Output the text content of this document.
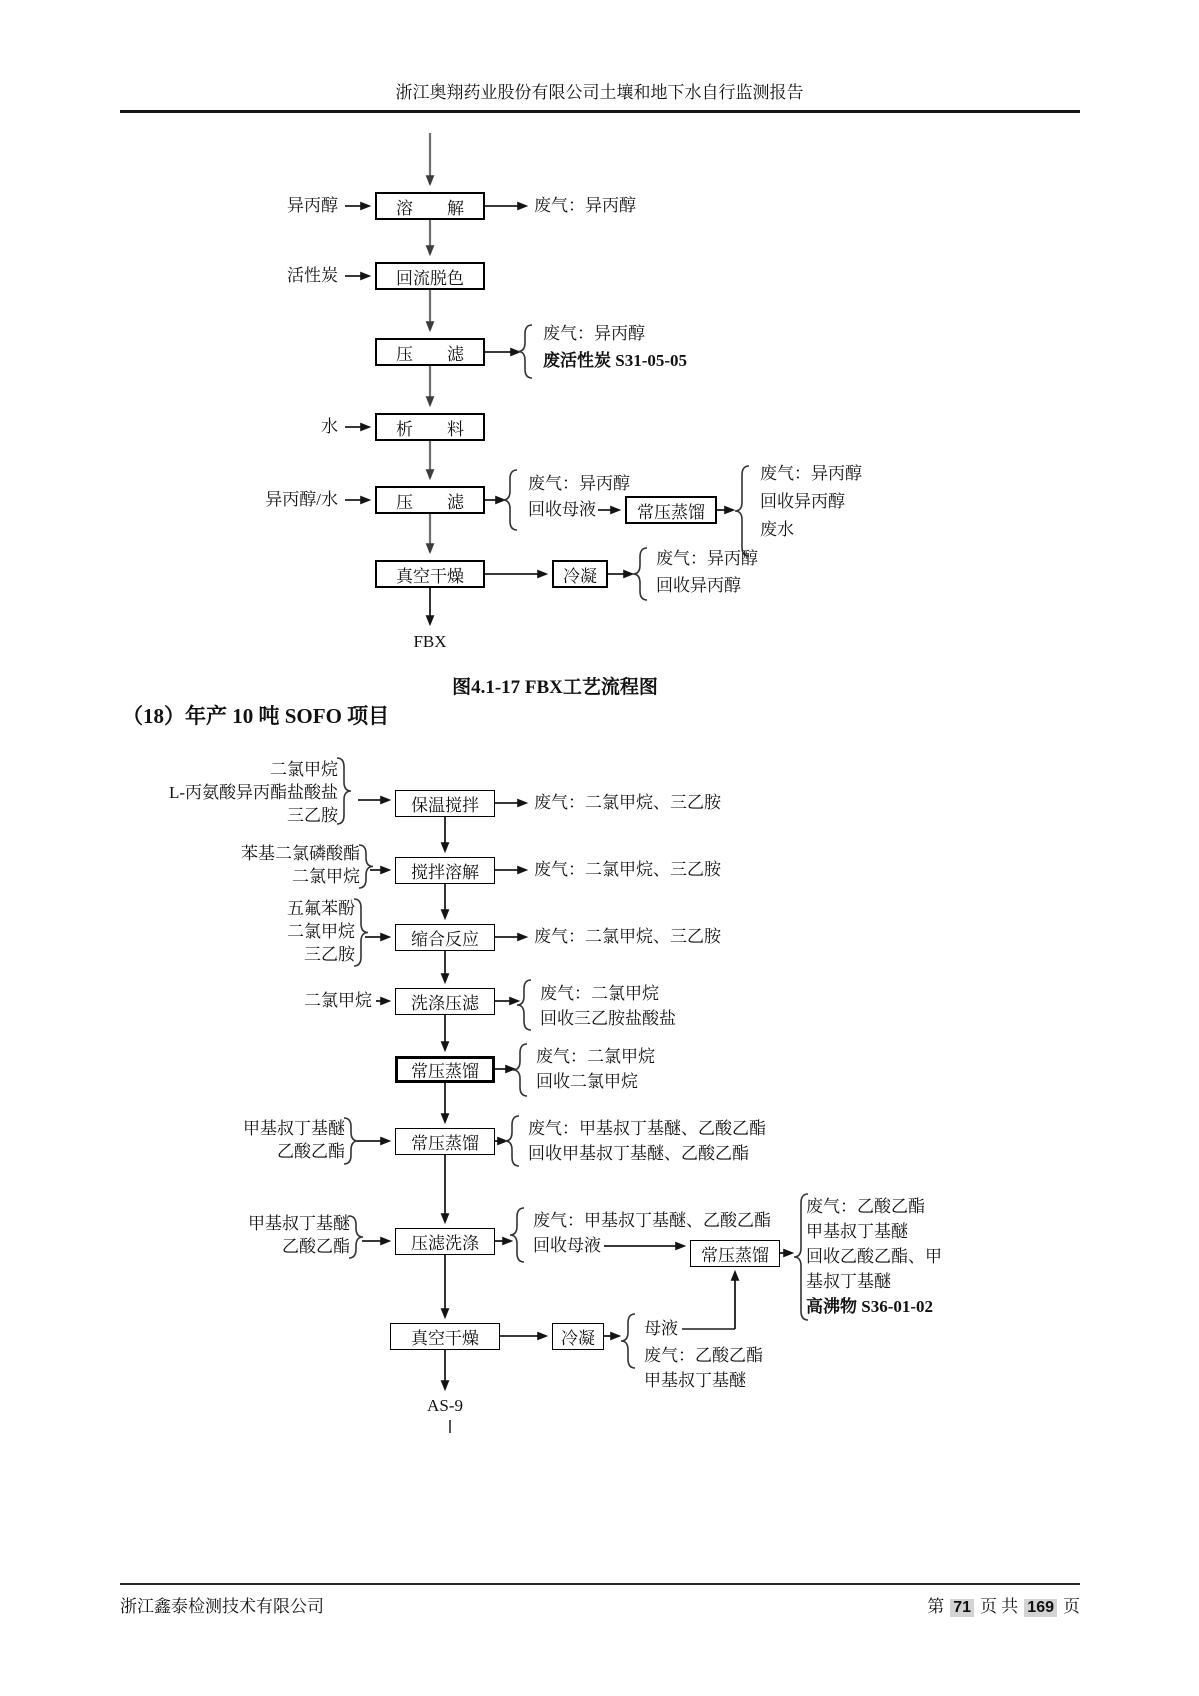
浙江奥翔药业股份有限公司土壤和地下水自行监测报告
浙江鑫泰检测技术有限公司	第 71 页 共 169 页
溶　　解
回流脱色
压　　滤
析　　料
压　　滤
常压蒸馏
真空干燥	冷凝
异丙醇
活性炭
水
异丙醇/水
废气：异丙醇
废气：异丙醇
废活性炭 S31-05-05
废气：异丙醇
回收母液
废气：异丙醇
回收异丙醇
废水
废气：异丙醇
回收异丙醇
FBX
图4.1-17 FBX工艺流程图
（18）年产 10 吨 SOFO 项目
保温搅拌
搅拌溶解
缩合反应
洗涤压滤
常压蒸馏
常压蒸馏
压滤洗涤
常压蒸馏
真空干燥	冷凝
二氯甲烷
L-丙氨酸异丙酯盐酸盐
三乙胺
苯基二氯磷酸酯
二氯甲烷
五氟苯酚
二氯甲烷
三乙胺
二氯甲烷
甲基叔丁基醚
乙酸乙酯
甲基叔丁基醚
乙酸乙酯
废气：二氯甲烷、三乙胺
废气：二氯甲烷、三乙胺
废气：二氯甲烷、三乙胺
废气：二氯甲烷
回收三乙胺盐酸盐
废气：二氯甲烷
回收二氯甲烷
废气：甲基叔丁基醚、乙酸乙酯
回收甲基叔丁基醚、乙酸乙酯
废气：甲基叔丁基醚、乙酸乙酯
回收母液
废气：乙酸乙酯
甲基叔丁基醚
回收乙酸乙酯、甲
基叔丁基醚
高沸物 S36-01-02
母液
废气：乙酸乙酯
甲基叔丁基醚
AS-9
